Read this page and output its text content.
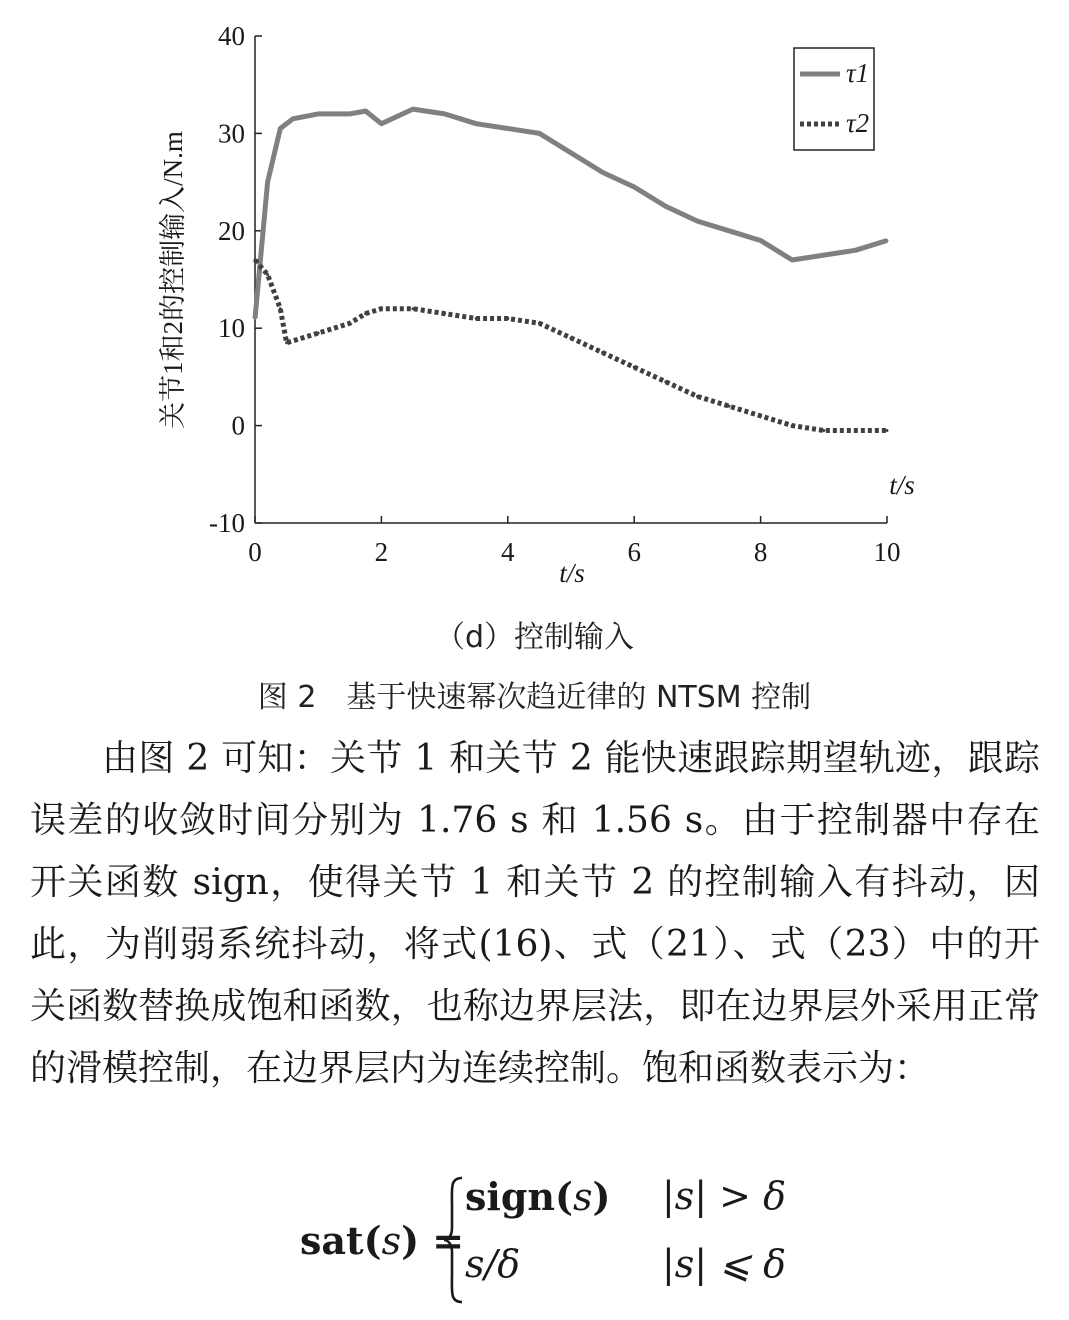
40
30
20
10
0
-10
0	2	4	6	8	10
关节1和2的控制输入/N.m
t/s
t/s
τ1
τ2
（d）控制输入
图 2　基于快速幂次趋近律的 NTSM 控制

由图 2 可知：关节 1 和关节 2 能快速跟踪期望轨迹，跟踪误差的收敛时间分别为 1.76 s 和 1.56 s。由于控制器中存在开关函数 sign，使得关节 1 和关节 2 的控制输入有抖动，因此，为削弱系统抖动，将式(16)、式（21）、式（23）中的开关函数替换成饱和函数，也称边界层法，即在边界层外采用正常的滑模控制，在边界层内为连续控制。饱和函数表示为：

sat(s) =
sign(s) |s| > δ
s/δ	|s| ⩽ δ
